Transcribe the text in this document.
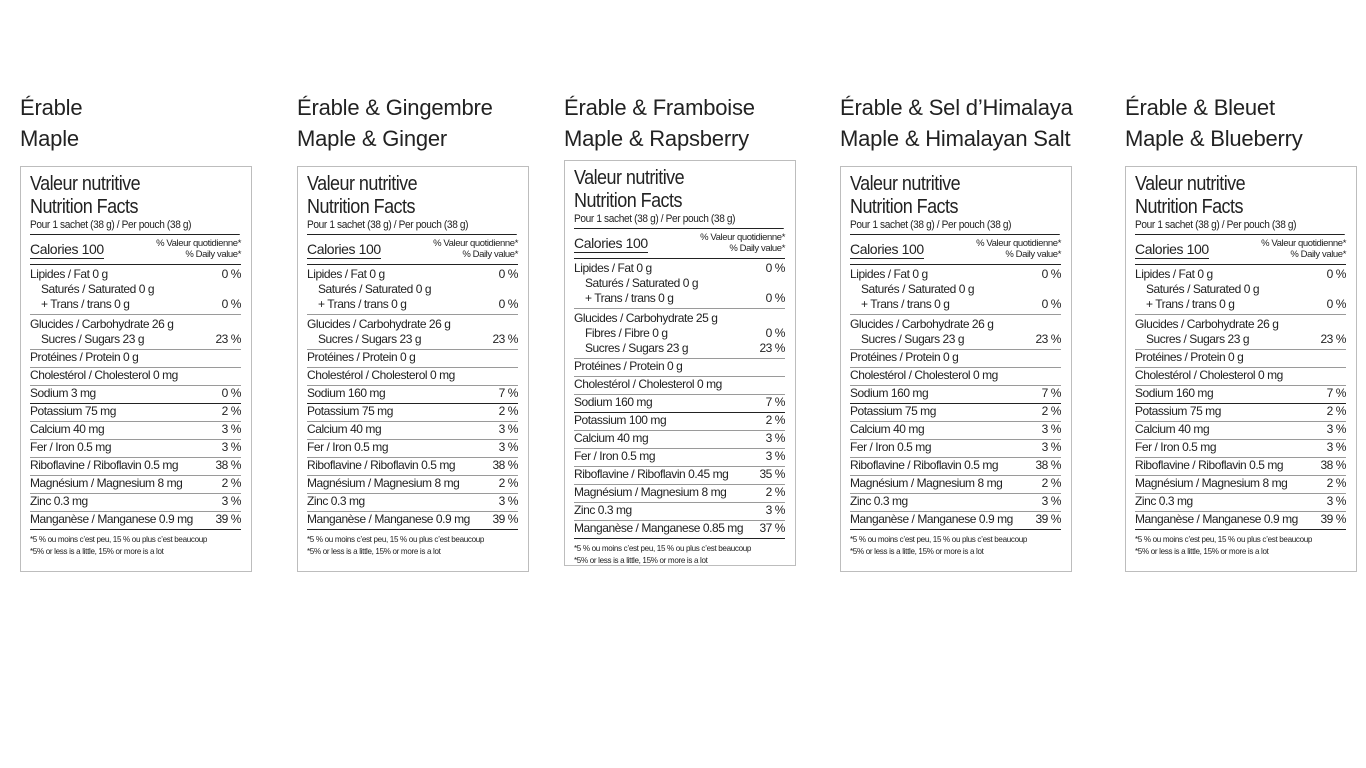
Érable
Maple
Valeur nutritive
Nutrition Facts
Pour 1 sachet (38 g) / Per pouch (38 g)
Calories 100	% Valeur quotidienne*
% Daily value*
Lipides / Fat 0 g	0 %
Saturés / Saturated 0 g
+ Trans / trans 0 g	0 %
Glucides / Carbohydrate 26 g
Sucres / Sugars 23 g	23 %
Protéines / Protein 0 g
Cholestérol / Cholesterol 0 mg
Sodium 3 mg	0 %
Potassium 75 mg	2 %
Calcium 40 mg	3 %
Fer / Iron 0.5 mg	3 %
Riboflavine / Riboflavin 0.5 mg	38 %
Magnésium / Magnesium 8 mg	2 %
Zinc 0.3 mg	3 %
Manganèse / Manganese 0.9 mg 39 %
*5 % ou moins c’est peu, 15 % ou plus c’est beaucoup
*5% or less is a little, 15% or more is a lot
Érable & Gingembre
Maple & Ginger
Valeur nutritive
Nutrition Facts
Pour 1 sachet (38 g) / Per pouch (38 g)
Calories 100	% Valeur quotidienne*
% Daily value*
Lipides / Fat 0 g	0 %
Saturés / Saturated 0 g
+ Trans / trans 0 g	0 %
Glucides / Carbohydrate 26 g
Sucres / Sugars 23 g	23 %
Protéines / Protein 0 g
Cholestérol / Cholesterol 0 mg
Sodium 160 mg	7 %
Potassium 75 mg	2 %
Calcium 40 mg	3 %
Fer / Iron 0.5 mg	3 %
Riboflavine / Riboflavin 0.5 mg	38 %
Magnésium / Magnesium 8 mg	2 %
Zinc 0.3 mg	3 %
Manganèse / Manganese 0.9 mg 39 %
*5 % ou moins c’est peu, 15 % ou plus c’est beaucoup
*5% or less is a little, 15% or more is a lot
Érable & Framboise
Maple & Rapsberry
Valeur nutritive
Nutrition Facts
Pour 1 sachet (38 g) / Per pouch (38 g)
Calories 100	% Valeur quotidienne*
% Daily value*
Lipides / Fat 0 g	0 %
Saturés / Saturated 0 g
+ Trans / trans 0 g	0 %
Glucides / Carbohydrate 25 g
Fibres / Fibre 0 g	0 %
Sucres / Sugars 23 g	23 %
Protéines / Protein 0 g
Cholestérol / Cholesterol 0 mg
Sodium 160 mg	7 %
Potassium 100 mg	2 %
Calcium 40 mg	3 %
Fer / Iron 0.5 mg	3 %
Riboflavine / Riboflavin 0.45 mg	35 %
Magnésium / Magnesium 8 mg	2 %
Zinc 0.3 mg	3 %
Manganèse / Manganese 0.85 mg 37 %
*5 % ou moins c’est peu, 15 % ou plus c’est beaucoup
*5% or less is a little, 15% or more is a lot
Érable & Sel d’Himalaya
Maple & Himalayan Salt
Valeur nutritive
Nutrition Facts
Pour 1 sachet (38 g) / Per pouch (38 g)
Calories 100	% Valeur quotidienne*
% Daily value*
Lipides / Fat 0 g	0 %
Saturés / Saturated 0 g
+ Trans / trans 0 g	0 %
Glucides / Carbohydrate 26 g
Sucres / Sugars 23 g	23 %
Protéines / Protein 0 g
Cholestérol / Cholesterol 0 mg
Sodium 160 mg	7 %
Potassium 75 mg	2 %
Calcium 40 mg	3 %
Fer / Iron 0.5 mg	3 %
Riboflavine / Riboflavin 0.5 mg	38 %
Magnésium / Magnesium 8 mg	2 %
Zinc 0.3 mg	3 %
Manganèse / Manganese 0.9 mg 39 %
*5 % ou moins c’est peu, 15 % ou plus c’est beaucoup
*5% or less is a little, 15% or more is a lot
Érable & Bleuet
Maple & Blueberry
Valeur nutritive
Nutrition Facts
Pour 1 sachet (38 g) / Per pouch (38 g)
Calories 100	% Valeur quotidienne*
% Daily value*
Lipides / Fat 0 g	0 %
Saturés / Saturated 0 g
+ Trans / trans 0 g	0 %
Glucides / Carbohydrate 26 g
Sucres / Sugars 23 g	23 %
Protéines / Protein 0 g
Cholestérol / Cholesterol 0 mg
Sodium 160 mg	7 %
Potassium 75 mg	2 %
Calcium 40 mg	3 %
Fer / Iron 0.5 mg	3 %
Riboflavine / Riboflavin 0.5 mg	38 %
Magnésium / Magnesium 8 mg	2 %
Zinc 0.3 mg	3 %
Manganèse / Manganese 0.9 mg 39 %
*5 % ou moins c’est peu, 15 % ou plus c’est beaucoup
*5% or less is a little, 15% or more is a lot
